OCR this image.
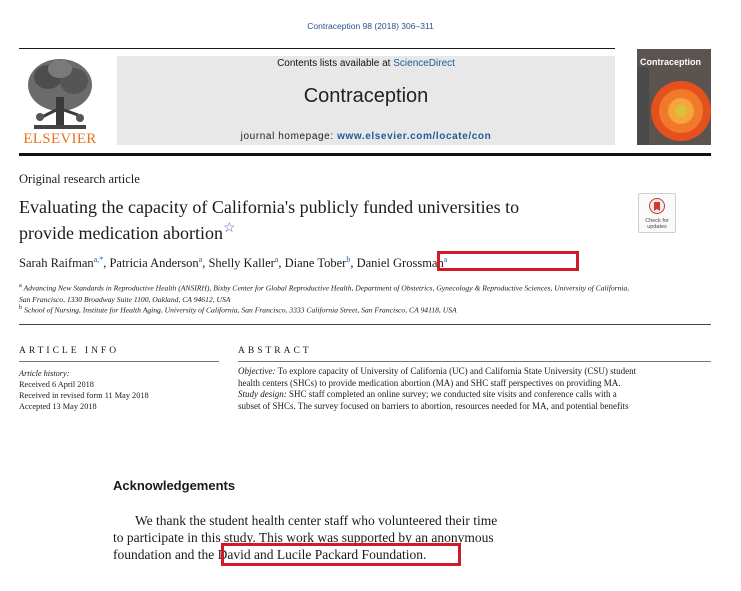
Contraception 98 (2018) 306–311
ELSEVIER
Contents lists available at ScienceDirect
Contraception
journal homepage: www.elsevier.com/locate/con
Contraception
Original research article
Evaluating the capacity of California's publicly funded universities to
provide medication abortion☆	Check for
updates
Sarah Raifman$^{a,*}$, Patricia Anderson$^a$, Shelly Kaller$^a$, Diane Tober$^b$, Daniel Grossman$^a$
$^a$ Advancing New Standards in Reproductive Health (ANSIRH), Bixby Center for Global Reproductive Health, Department of Obstetrics, Gynecology & Reproductive Sciences, University of California,
San Francisco, 1330 Broadway Suite 1100, Oakland, CA 94612, USA
$^b$ School of Nursing, Institute for Health Aging, University of California, San Francisco, 3333 California Street, San Francisco, CA 94118, USA
ARTICLE INFO
Article history:
Received 6 April 2018
Received in revised form 11 May 2018
Accepted 13 May 2018
ABSTRACT
Objective: To explore capacity of University of California (UC) and California State University (CSU) student
health centers (SHCs) to provide medication abortion (MA) and SHC staff perspectives on providing MA.
Study design: SHC staff completed an online survey; we conducted site visits and conference calls with a
subset of SHCs. The survey focused on barriers to abortion, resources needed for MA, and potential benefits
Acknowledgements
We thank the student health center staff who volunteered their time
to participate in this study. This work was supported by an anonymous
foundation and the David and Lucile Packard Foundation.
